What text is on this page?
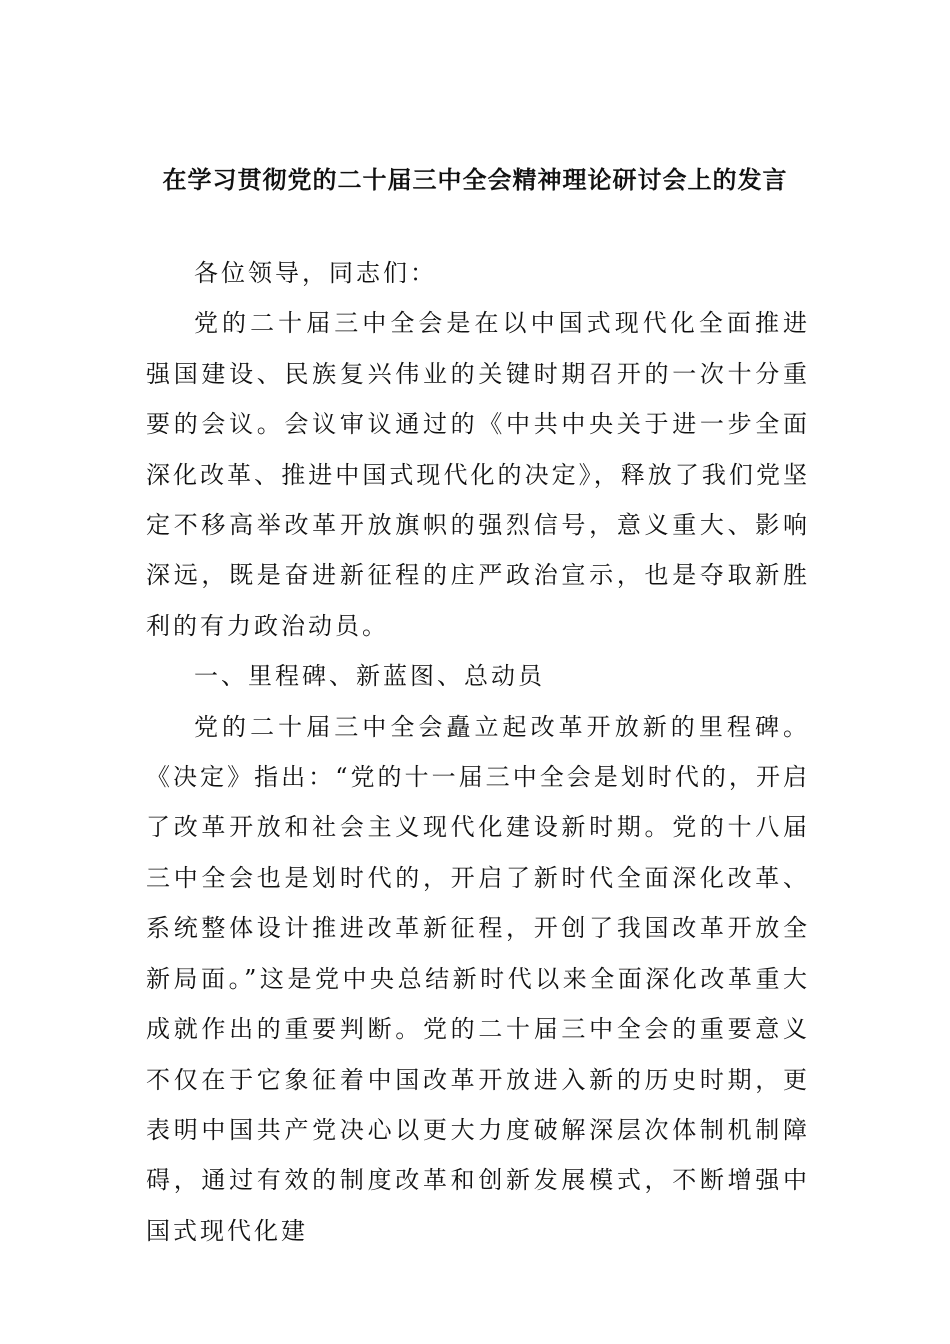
在学习贯彻党的二十届三中全会精神理论研讨会上的发言

各位领导，同志们：

党的二十届三中全会是在以中国式现代化全面推进强国建设、民族复兴伟业的关键时期召开的一次十分重要的会议。会议审议通过的《中共中央关于进一步全面深化改革、推进中国式现代化的决定》，释放了我们党坚定不移高举改革开放旗帜的强烈信号，意义重大、影响深远，既是奋进新征程的庄严政治宣示，也是夺取新胜利的有力政治动员。

一、里程碑、新蓝图、总动员

党的二十届三中全会矗立起改革开放新的里程碑。《决定》指出：“党的十一届三中全会是划时代的，开启了改革开放和社会主义现代化建设新时期。党的十八届三中全会也是划时代的，开启了新时代全面深化改革、系统整体设计推进改革新征程，开创了我国改革开放全新局面。”这是党中央总结新时代以来全面深化改革重大成就作出的重要判断。党的二十届三中全会的重要意义不仅在于它象征着中国改革开放进入新的历史时期，更表明中国共产党决心以更大力度破解深层次体制机制障碍，通过有效的制度改革和创新发展模式，不断增强中国式现代化建
